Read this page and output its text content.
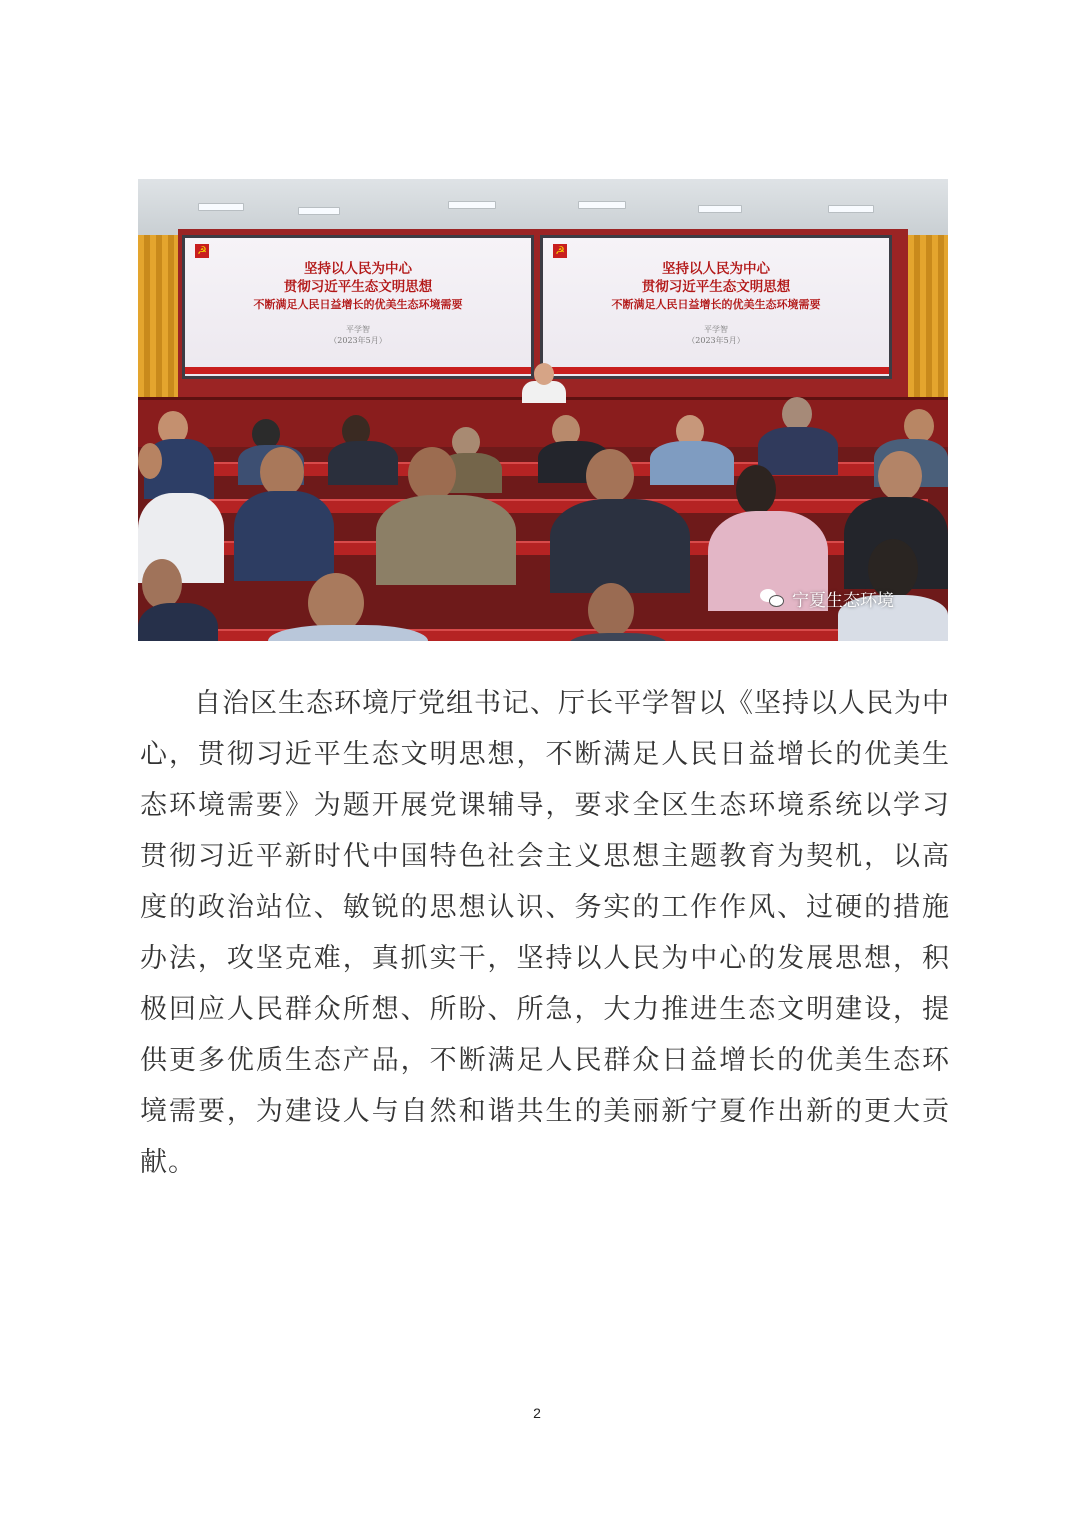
☭
坚持以人民为中心
贯彻习近平生态文明思想
不断满足人民日益增长的优美生态环境需要
平学智
（2023年5月）
☭
坚持以人民为中心
贯彻习近平生态文明思想
不断满足人民日益增长的优美生态环境需要
平学智
（2023年5月）
宁夏生态环境

自治区生态环境厅党组书记、厅长平学智以《坚持以人民为中心，贯彻习近平生态文明思想，不断满足人民日益增长的优美生态环境需要》为题开展党课辅导，要求全区生态环境系统以学习贯彻习近平新时代中国特色社会主义思想主题教育为契机，以高度的政治站位、敏锐的思想认识、务实的工作作风、过硬的措施办法，攻坚克难，真抓实干，坚持以人民为中心的发展思想，积极回应人民群众所想、所盼、所急，大力推进生态文明建设，提供更多优质生态产品，不断满足人民群众日益增长的优美生态环境需要，为建设人与自然和谐共生的美丽新宁夏作出新的更大贡献。

2
